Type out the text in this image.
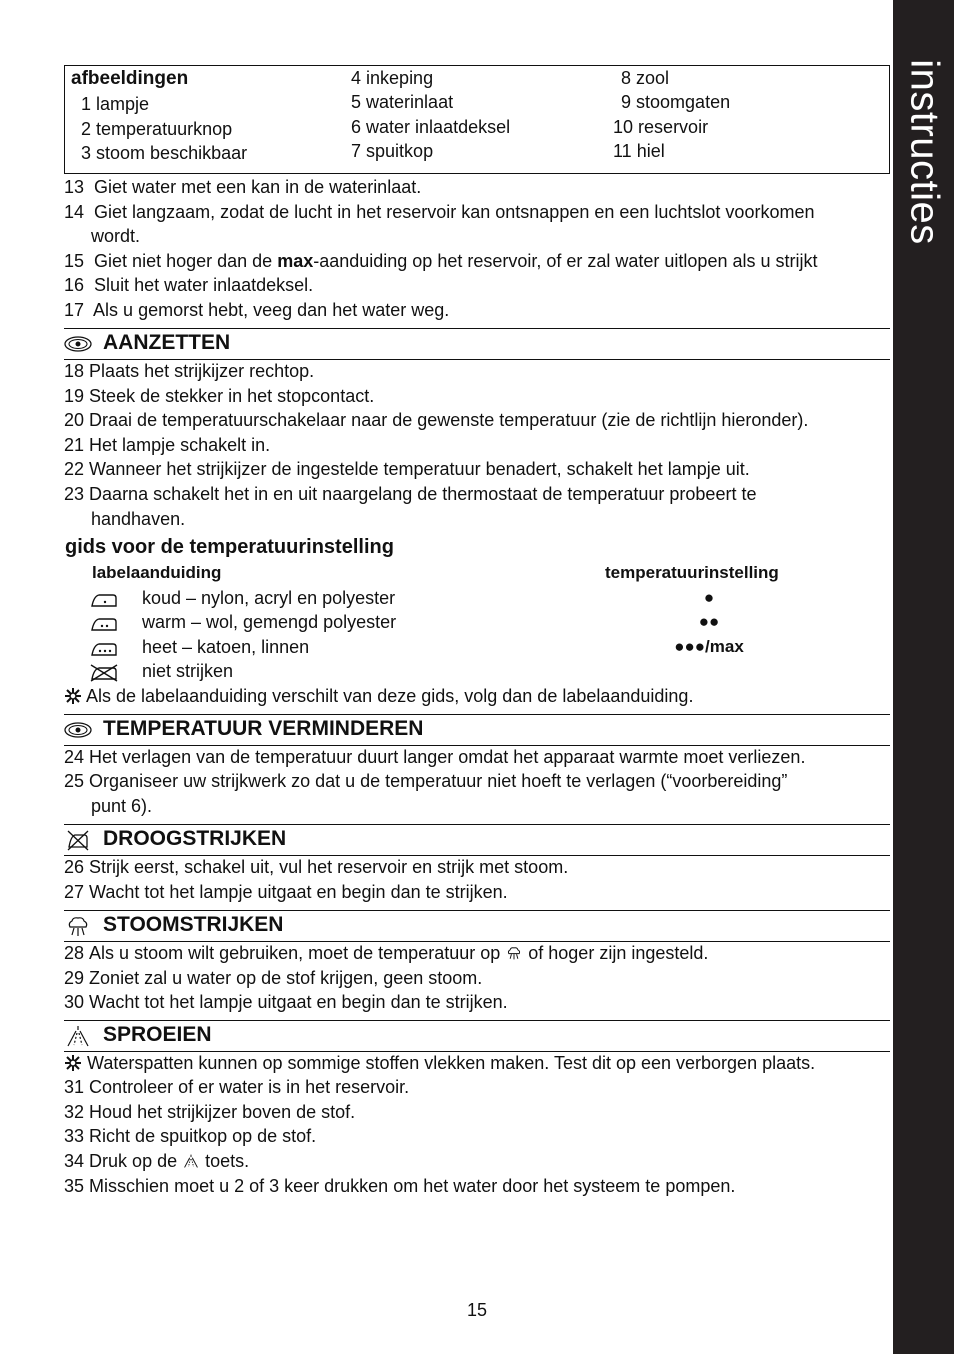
instructies
afbeeldingen
1 lampje
2 temperatuurknop
3 stoom beschikbaar
4 inkeping
5 waterinlaat
6 water inlaatdeksel
7 spuitkop
8 zool
9 stoomgaten
10 reservoir
11 hiel
13 Giet water met een kan in de waterinlaat.
14 Giet langzaam, zodat de lucht in het reservoir kan ontsnappen en een luchtslot voorkomen
wordt.
15 Giet niet hoger dan de max-aanduiding op het reservoir, of er zal water uitlopen als u strijkt
16 Sluit het water inlaatdeksel.
17 Als u gemorst hebt, veeg dan het water weg.
AANZETTEN
18 Plaats het strijkijzer rechtop.
19 Steek de stekker in het stopcontact.
20 Draai de temperatuurschakelaar naar de gewenste temperatuur (zie de richtlijn hieronder).
21 Het lampje schakelt in.
22 Wanneer het strijkijzer de ingestelde temperatuur benadert, schakelt het lampje uit.
23 Daarna schakelt het in en uit naargelang de thermostaat de temperatuur probeert te
handhaven.
gids voor de temperatuurinstelling
labelaanduiding	temperatuurinstelling
koud – nylon, acryl en polyester	●
warm – wol, gemengd polyester	●●
heet – katoen, linnen	●●●/max
niet strijken
Als de labelaanduiding verschilt van deze gids, volg dan de labelaanduiding.
TEMPERATUUR VERMINDEREN
24 Het verlagen van de temperatuur duurt langer omdat het apparaat warmte moet verliezen.
25 Organiseer uw strijkwerk zo dat u de temperatuur niet hoeft te verlagen (“voorbereiding”
punt 6).
DROOGSTRIJKEN
26 Strijk eerst, schakel uit, vul het reservoir en strijk met stoom.
27 Wacht tot het lampje uitgaat en begin dan te strijken.
STOOMSTRIJKEN
28 Als u stoom wilt gebruiken, moet de temperatuur op  of hoger zijn ingesteld.
29 Zoniet zal u water op de stof krijgen, geen stoom.
30 Wacht tot het lampje uitgaat en begin dan te strijken.
SPROEIEN
Waterspatten kunnen op sommige stoffen vlekken maken. Test dit op een verborgen plaats.
31 Controleer of er water is in het reservoir.
32 Houd het strijkijzer boven de stof.
33 Richt de spuitkop op de stof.
34 Druk op de  toets.
35 Misschien moet u 2 of 3 keer drukken om het water door het systeem te pompen.
15
